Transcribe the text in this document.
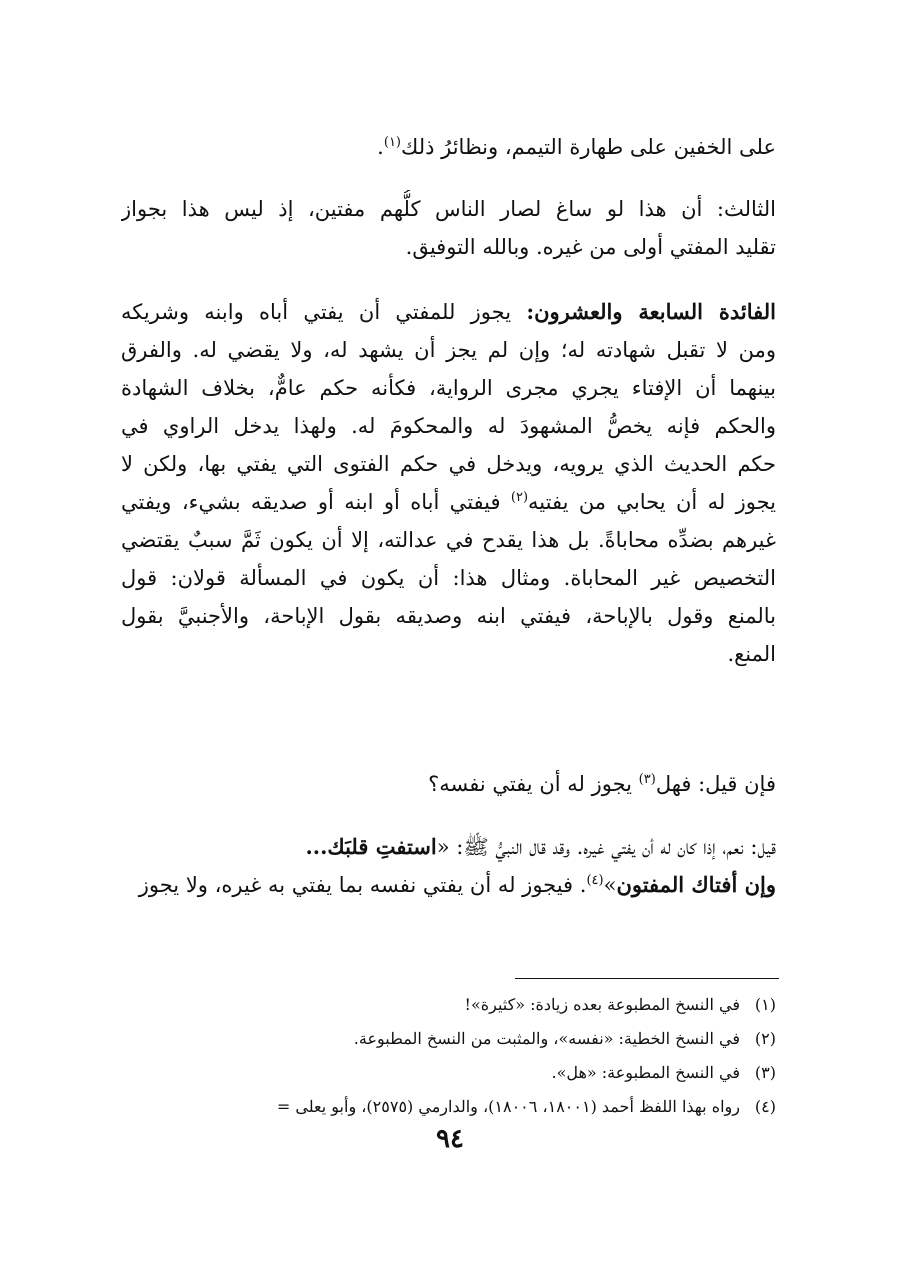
على الخفين على طهارة التيمم، ونظائرُ ذلك$^{(١)}$.

الثالث: أن هذا لو ساغ لصار الناس كلُّهم مفتين، إذ ليس هذا بجواز
تقليد المفتي أولى من غيره. وبالله التوفيق.

الفائدة السابعة والعشرون: يجوز للمفتي أن يفتي أباه وابنه وشريكه
ومن لا تقبل شهادته له؛ وإن لم يجز أن يشهد له، ولا يقضي له. والفرق
بينهما أن الإفتاء يجري مجرى الرواية، فكأنه حكم عامٌّ، بخلاف الشهادة
والحكم فإنه يخصُّ المشهودَ له والمحكومَ له. ولهذا يدخل الراوي في
حكم الحديث الذي يرويه، ويدخل في حكم الفتوى التي يفتي بها، ولكن لا
يجوز له أن يحابي من يفتيه$^{(٢)}$ فيفتي أباه أو ابنه أو صديقه بشيء، ويفتي
غيرهم بضدِّه محاباةً. بل هذا يقدح في عدالته، إلا أن يكون ثَمَّ سببٌ يقتضي
التخصيص غير المحاباة. ومثال هذا: أن يكون في المسألة قولان: قول
بالمنع وقول بالإباحة، فيفتي ابنه وصديقه بقول الإباحة، والأجنبيَّ بقول
المنع.

فإن قيل: فهل$^{(٣)}$ يجوز له أن يفتي نفسه؟

قيل: نعم، إذا كان له أن يفتي غيره. وقد قال النبيُّ ﷺ: «استفتِ قلبَك...
وإن أفتاك المفتون»$^{(٤)}$. فيجوز له أن يفتي نفسه بما يفتي به غيره، ولا يجوز

(١)في النسخ المطبوعة بعده زيادة: «كثيرة»!
(٢)في النسخ الخطية: «نفسه»، والمثبت من النسخ المطبوعة.
(٣)في النسخ المطبوعة: «هل».
(٤)رواه بهذا اللفظ أحمد (١٨٠٠١، ١٨٠٠٦)، والدارمي (٢٥٧٥)، وأبو يعلى =
٩٤
